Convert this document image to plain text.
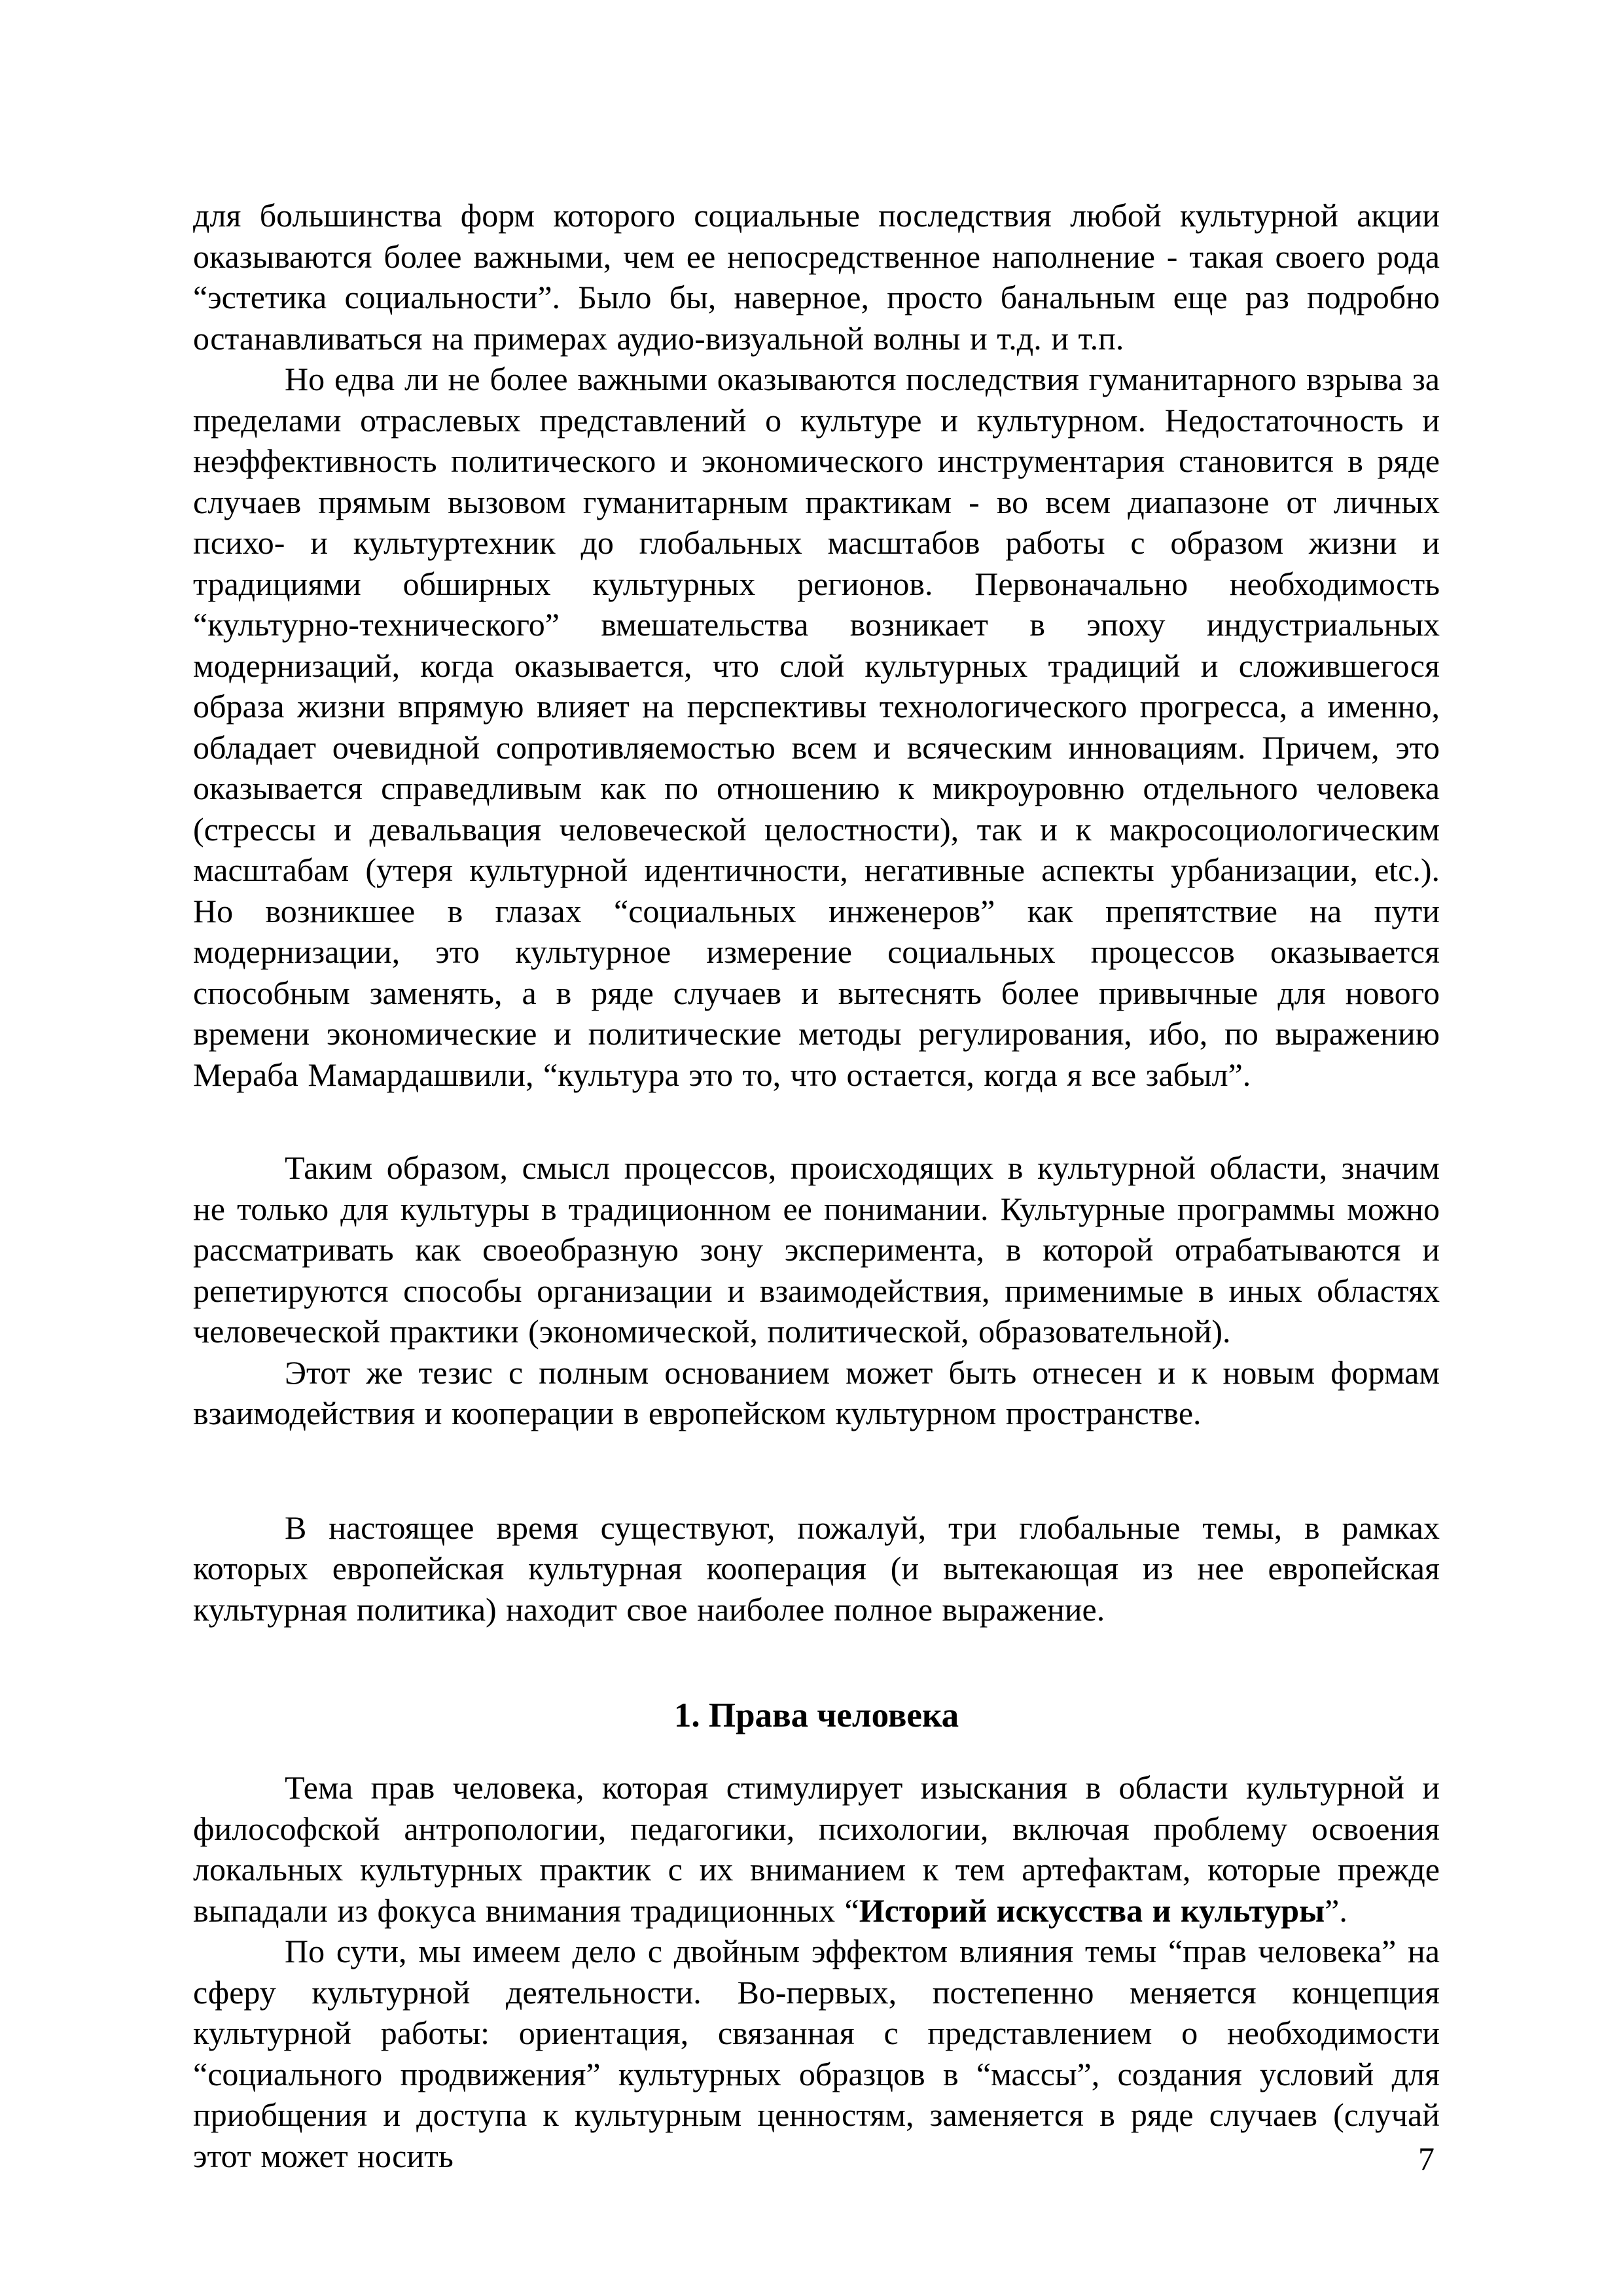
для большинства форм которого социальные последствия любой культурной акции оказываются более важными, чем ее непосредственное наполнение - такая своего рода “эстетика социальности”. Было бы, наверное, просто банальным еще раз подробно останавливаться на примерах аудио-визуальной волны и т.д. и т.п.

Но едва ли не более важными оказываются последствия гуманитарного взрыва за пределами отраслевых представлений о культуре и культурном. Недостаточность и неэффективность политического и экономического инструментария становится в ряде случаев прямым вызовом гуманитарным практикам - во всем диапазоне от личных психо- и культуртехник до глобальных масштабов работы с образом жизни и традициями обширных культурных регионов. Первоначально необходимость “культурно-технического” вмешательства возникает в эпоху индустриальных модернизаций, когда оказывается, что слой культурных традиций и сложившегося образа жизни впрямую влияет на перспективы технологического прогресса, а именно, обладает очевидной сопротивляемостью всем и всяческим инновациям. Причем, это оказывается справедливым как по отношению к микроуровню отдельного человека (стрессы и девальвация человеческой целостности), так и к макросоциологическим масштабам (утеря культурной идентичности, негативные аспекты урбанизации, etc.). Но возникшее в глазах “социальных инженеров” как препятствие на пути модернизации, это культурное измерение социальных процессов оказывается способным заменять, а в ряде случаев и вытеснять более привычные для нового времени экономические и политические методы регулирования, ибо, по выражению Мераба Мамардашвили, “культура это то, что остается, когда я все забыл”.

Таким образом, смысл процессов, происходящих в культурной области, значим не только для культуры в традиционном ее понимании. Культурные программы можно рассматривать как своеобразную зону эксперимента, в которой отрабатываются и репетируются способы организации и взаимодействия, применимые в иных областях человеческой практики (экономической, политической, образовательной).

Этот же тезис с полным основанием может быть отнесен и к новым формам взаимодействия и кооперации в европейском культурном пространстве.

В настоящее время существуют, пожалуй, три глобальные темы, в рамках которых европейская культурная кооперация (и вытекающая из нее европейская культурная политика) находит свое наиболее полное выражение.

1. Права человека

Тема прав человека, которая стимулирует изыскания в области культурной и философской антропологии, педагогики, психологии, включая проблему освоения локальных культурных практик с их вниманием к тем артефактам, которые прежде выпадали из фокуса внимания традиционных “Историй искусства и культуры”.

По сути, мы имеем дело с двойным эффектом влияния темы “прав человека” на сферу культурной деятельности. Во-первых, постепенно меняется концепция культурной работы: ориентация, связанная с представлением о необходимости “социального продвижения” культурных образцов в “массы”, создания условий для приобщения и доступа к культурным ценностям, заменяется в ряде случаев (случай этот может носить	7
